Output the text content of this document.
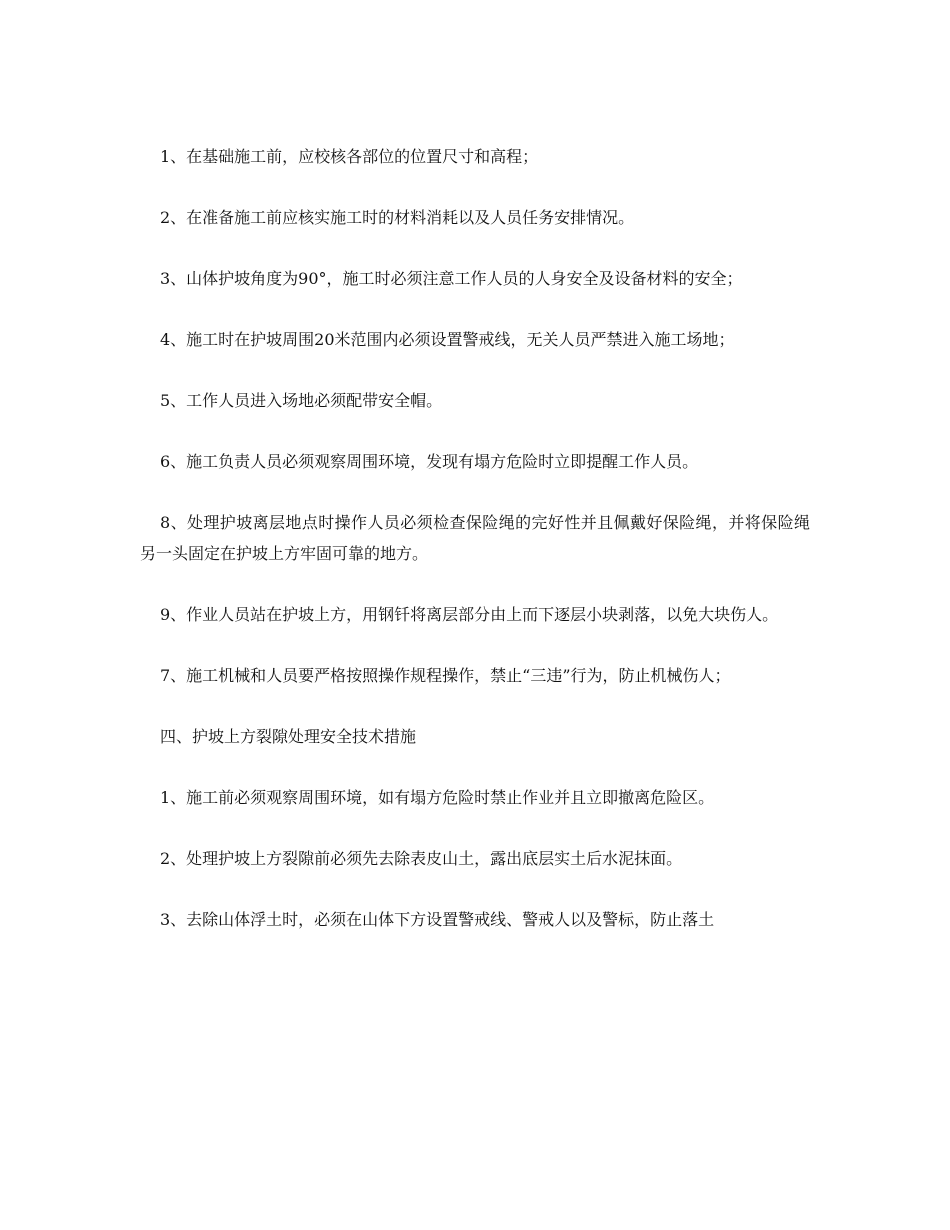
1、在基础施工前，应校核各部位的位置尺寸和高程；

2、在准备施工前应核实施工时的材料消耗以及人员任务安排情况。

3、山体护坡角度为90°，施工时必须注意工作人员的人身安全及设备材料的安全；

4、施工时在护坡周围20米范围内必须设置警戒线，无关人员严禁进入施工场地；

5、工作人员进入场地必须配带安全帽。

6、施工负责人员必须观察周围环境，发现有塌方危险时立即提醒工作人员。

8、处理护坡离层地点时操作人员必须检查保险绳的完好性并且佩戴好保险绳，并将保险绳另一头固定在护坡上方牢固可靠的地方。

9、作业人员站在护坡上方，用钢钎将离层部分由上而下逐层小块剥落，以免大块伤人。

7、施工机械和人员要严格按照操作规程操作，禁止“三违”行为，防止机械伤人；

四、护坡上方裂隙处理安全技术措施

1、施工前必须观察周围环境，如有塌方危险时禁止作业并且立即撤离危险区。

2、处理护坡上方裂隙前必须先去除表皮山土，露出底层实土后水泥抹面。

3、去除山体浮土时，必须在山体下方设置警戒线、警戒人以及警标，防止落土
